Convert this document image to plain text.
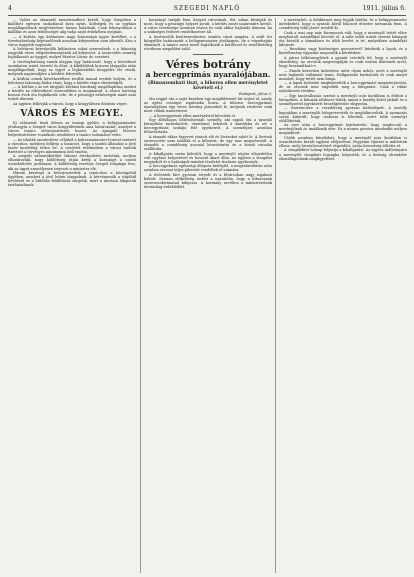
4	SZEGEDI NAPLÓ	1911. július 6.

— Valóst az elmaradt menetrendben került, hogy Szegeden a kiállított egészen szokatlanul kora nyári, költségek és az egyházi megállapodások meglehetősen lassan haladnak. Csak lebonyolítani a kiállítás és azon felelősséget alig tudja saját érdekében nyújtani.

— A kórház egy különösen nagy fontosságú ügyre kerülhet, s a törvényhatóság képviselőinek azonban kifejezetten nem sikerült. Kiss a város nagyobb vagyonát.

A belvárosi kereskedők különösen sokat szenvednek, s a lakosság nagyobb része elégedetlenségének ad kifejezést. A tanácsülés nemrég foglalkozott az üggyel, melyet Pásztor Lőrinc dr. vezetett.

A törvényhatóság ennek alapján úgy határozott, hogy a következő szombaton ismét összeül és dönt. A kiküldöttek hosszas tárgyalás után megállapodtak, hogy az ügyet a legközelebbi közgyűlés elé viszik, melynek napirendjére a kérdést felvették.

A kórház ennek következtében tovább marad eredeti helyén, és a belvárosi lakosság hiába várja, hogy a kérdés végre elintéződjék.

— A kórház s az ezt tárgyaló kórházi bizottság megállapítása szerint a kérdés az elkövetkező esztendőben is megmarad. A városi hatóság hosszú évek óta foglalkozik vele, de a pénzügyi nehézségek miatt nem tudott dönteni.

Az ügyben felhívják a várost, hogy a közgyűlésen döntsön végre.

VÁROS ÉS MEGYE.

Ki választott tiszti ülésen az ünnepi gyűlés, a belügyminiszter jóváhagyta a Szeged város közgyűlésének ama határozatát, amelyet a városi tanács előterjesztésére hozott. Az igazgató főorvos helyettesítésére vonatkozó rendeletet a tanács tudomásul vette.

— Az iskolák szentesítése céljából a kultuszminiszter leiratot intézett a városhoz, melyben felhívja a tanácsot, hogy a tanítói állásokat a jövő tanév kezdetéig töltse be. A rendelet értelmében a városi tanítók fizetését a törvényes minimumra kell emelni.

A szegedi választókerület lakosai értekezletet tartottak, melyen elhatározták, hogy küldöttség útján kérik a kormányt a vasúti összeköttetés javítására. A küldöttség vezetője Szeged főispánja lesz, aki az ügyet személyesen terjeszti a miniszter elé.

Három kérvényt is beterjesztettek a tanácshoz a közvágóhíd ügyében, amelyet a jövő héten tárgyalnak. A kérvényezők a vágóhíd bővítését és a hűtőház felállítását sürgetik, mert a mostani állapotok tarthatatlanok.

kormányt tartják fenn Szeged városának. Ezt sokan kívánják és most, hogy a pénzügyi helyzet javult, a kérdés ismét napirendre került. A város vezetősége azonban óvatos és csak akkor hajlandó dönteni, ha a szükséges fedezet rendelkezésre áll.

A tisztviselők fizetésrendezése szintén várat magára. A múlt évi közgyűlés határozatát a belügyminiszter jóváhagyta, de a végrehajtás elmaradt. A tanács most ismét foglalkozik a kérdéssel és remélhetőleg rövidesen megoldást talál.

Véres botrány
a bercegprímás nyaralójában.
(Rimaszombati tiszt, a bíboros ellen merényletet követett el.)
Budapest, július 5.

Ma reggel óta a sajtó kezében egy megdöbbentő hír terjed el, amely az egész országot izgalomba hozta. A bíboros hercegprímás nyaralójában egy véres botrány játszódott le, melynek részletei csak most váltak ismeretessé.

— A hercegprímás ellen merényletet követtek el.

Egy állítólagos lelkészhivatali személy, aki napok óta a nyaraló környékén tartózkodott, váratlanul behatolt a kastélyba és ott a hercegprímás szobája felé igyekezett. A személyzet azonban feltartóztatta.

A támadó ekkor fegyvert rántott elő és lövéseket adott le. A lövések szerencsére nem találták el a bíborost, de egy inas megsebesült. A támadót a csendőrség azonnal letartóztatta és a közeli városba szállította.

A kihallgatás során kiderült, hogy a merénylő régóta elégedetlen volt egyházi helyzetével és bosszút akart állni. Az ügyben a vizsgálat megindult és a hatóságok minden részletet tisztázni igyekeznek.

A hercegprímás egészségi állapota kielégítő, a megrázkódtatás után azonban orvosai teljes pihenést rendeltek el számára.

A történtek híre gyorsan terjedt és a fővárosban nagy izgalmat keltett. Számos előkelőség sietett a nyaralóba, hogy a bíborosnak szerencsekívánatait kifejezze. A kormány nevében a miniszterelnök táviratilag érdeklődött.

a merényleti. A deliktumot meg fogják bírálni, és a belügyminiszter intézkedett, hogy a nyaraló körül fokozott őrizetet tartsanak fenn. A csendőrség több járőrt rendelt ki.

Csak a mai nap már bizonyossá vált, hogy a merénylő tettét előre megfontolt szándékkal követte el. A nála talált iratok szerint hónapok óta készült a támadásra és több levelet is írt, melyekben szándékát kifejezte.

— Boszkány vagy közönséges gonosztevő? kérdezik a lapok, és a közvélemény egyaránt megoszlik a kérdésben.

A párisi lelkészegyletek a gyanút vetették fel, hogy a merénylő elmebeteg. Az orvosok megvizsgálják és csak ezután döntenek arról, hogy beszámítható-e.

— Ennek közvetlen kiderítése azért olyan nehéz, mert a merénylő nem hajlandó vallomást tenni. Hallgatásba burkolózik és csak annyit mondott, hogy tettét nem bánja.

— A lapok tudósítói megkísérelték a hercegprímást meginterjúvolni, de az orvosok nem engedték meg a látogatást. Csak a titkár nyilatkozott röviden.

— Egy tanúvallomás szerint a merénylő már korábban is feltűnt a környéken. A falusiak többször látták, amint a kastély körül járkált és a személyzettel igyekezett beszélgetésbe elegyedni.

— Szerencsére a csendőrség gyorsan közbelépett. A kastély kapujában a merénylőt lefegyverezték és megbilincselték. A nyomozás során kiderült, hogy cinkosai is lehettek, ezért több személyt előállítottak.

Az eset után a hercegprímás kijelentette, hogy megbocsát a merénylőnek és imádkozik érte. Ez a nemes gesztus mindenkit mélyen megindított.

Utóbb azonban kitudódott, hogy a merénylő már korábban is összetűzésbe került egyházi elöljáróival. Fegyelmi eljárást is indítottak ellene, mely hivatalvesztéssel végződött. Azóta keserűség töltötte el.

A vizsgálóbíró holnap folytatja a kihallgatást. Az ügyész indítványára a merénylőt vizsgálati fogságba helyezték, és a bíróság elrendelte elmeállapotának megfigyelését.
